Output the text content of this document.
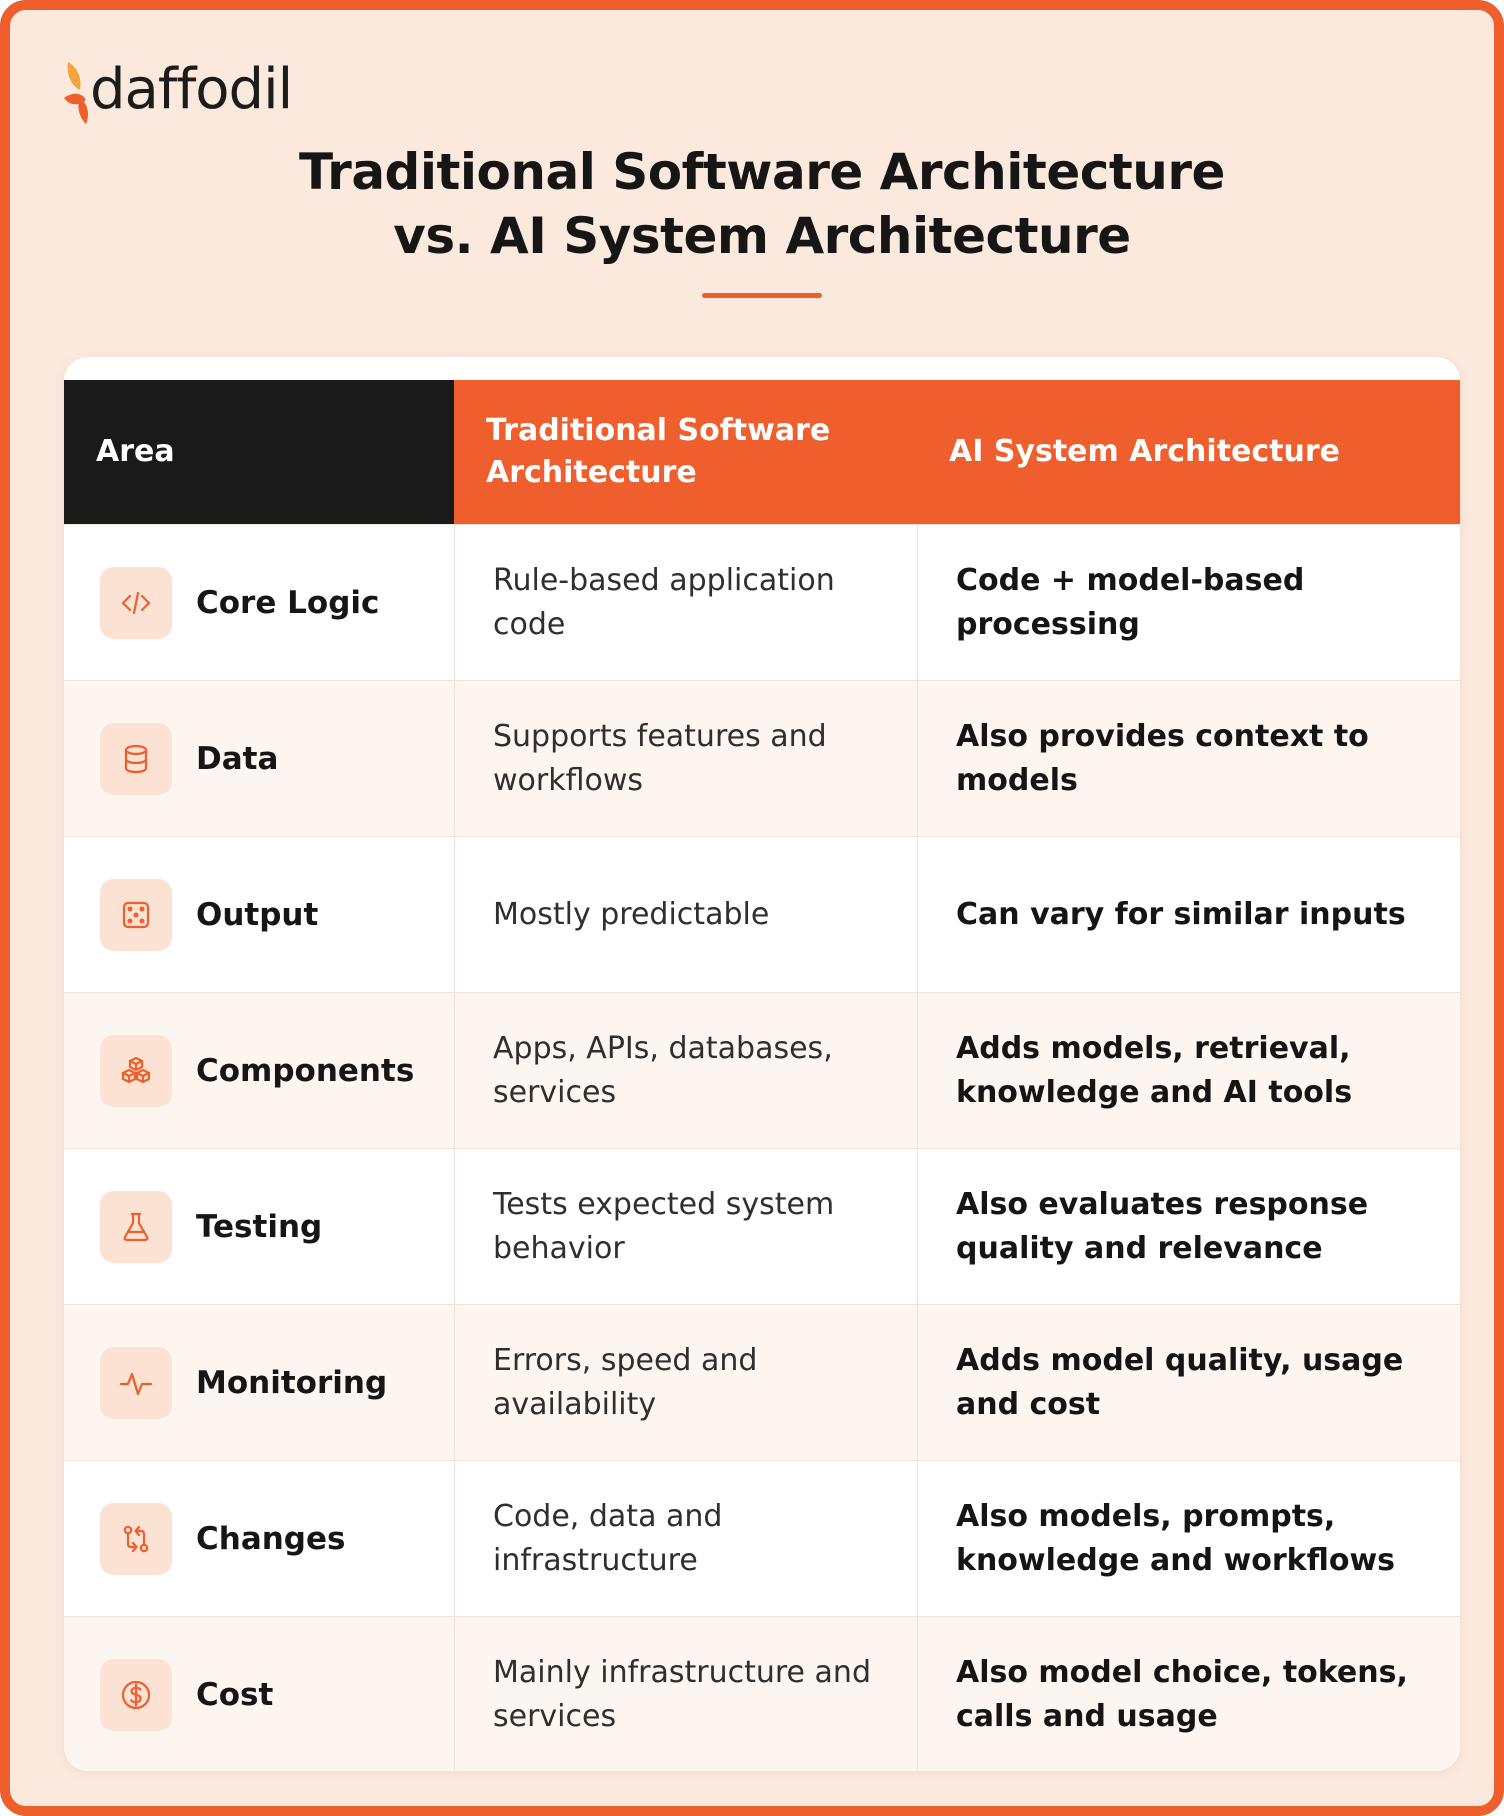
daffodil
Traditional Software Architecture
vs. AI System Architecture
Area
Traditional Software Architecture
AI System Architecture
Core Logic
Rule-based application code
Code + model-based processing
Data
Supports features and workflows
Also provides context to models
Output	Mostly predictable	Can vary for similar inputs
Components
Apps, APIs, databases, services
Adds models, retrieval, knowledge and AI tools
Testing
Tests expected system behavior
Also evaluates response quality and relevance
Monitoring
Errors, speed and availability
Adds model quality, usage and cost
Changes
Code, data and infrastructure
Also models, prompts, knowledge and workflows
Cost
Mainly infrastructure and services
Also model choice, tokens, calls and usage
